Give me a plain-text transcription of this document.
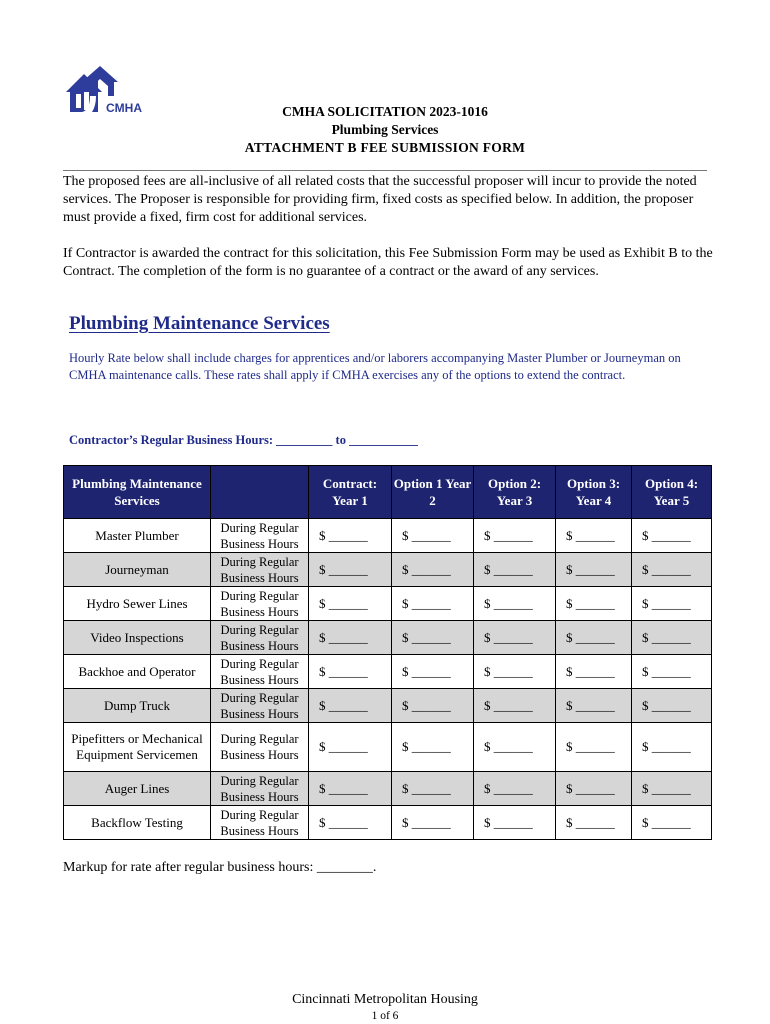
CMHA	CMHA SOLICITATION 2023-1016
Plumbing Services
ATTACHMENT B FEE SUBMISSION FORM
The proposed fees are all-inclusive of all related costs that the successful proposer will incur to provide the noted services. The Proposer is responsible for providing firm, fixed costs as specified below. In addition, the proposer must provide a fixed, firm cost for additional services.
If Contractor is awarded the contract for this solicitation, this Fee Submission Form may be used as Exhibit B to the Contract. The completion of the form is no guarantee of a contract or the award of any services.
Plumbing Maintenance Services
Hourly Rate below shall include charges for apprentices and/or laborers accompanying Master Plumber or Journeyman on CMHA maintenance calls. These rates shall apply if CMHA exercises any of the options to extend the contract.
Contractor’s Regular Business Hours: _________ to ___________
Plumbing Maintenance Services		Contract: Year 1	Option 1 Year 2	Option 2: Year 3	Option 3: Year 4	Option 4: Year 5
Master Plumber	During Regular Business Hours	$ ______	$ ______	$ ______	$ ______	$ ______
Journeyman	During Regular Business Hours	$ ______	$ ______	$ ______	$ ______	$ ______
Hydro Sewer Lines	During Regular Business Hours	$ ______	$ ______	$ ______	$ ______	$ ______
Video Inspections	During Regular Business Hours	$ ______	$ ______	$ ______	$ ______	$ ______
Backhoe and Operator	During Regular Business Hours	$ ______	$ ______	$ ______	$ ______	$ ______
Dump Truck	During Regular Business Hours	$ ______	$ ______	$ ______	$ ______	$ ______
Pipefitters or Mechanical Equipment Servicemen	During Regular Business Hours	$ ______	$ ______	$ ______	$ ______	$ ______
Auger Lines	During Regular Business Hours	$ ______	$ ______	$ ______	$ ______	$ ______
Backflow Testing	During Regular Business Hours	$ ______	$ ______	$ ______	$ ______	$ ______
Markup for rate after regular business hours: ________.
Cincinnati Metropolitan Housing
1 of 6
